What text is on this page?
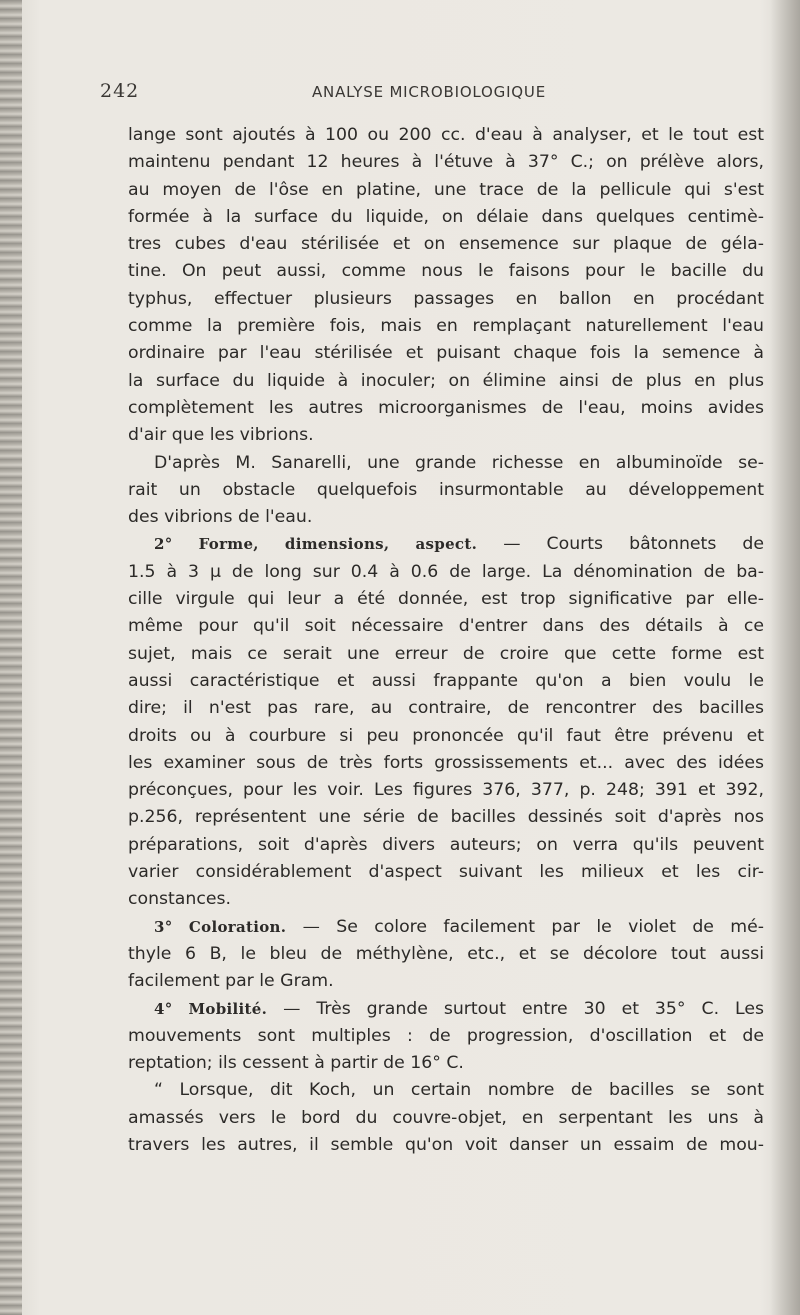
242	ANALYSE MICROBIOLOGIQUE
lange sont ajoutés à 100 ou 200 cc. d'eau à analyser, et le tout est
maintenu pendant 12 heures à l'étuve à 37° C.; on prélève alors,
au moyen de l'ôse en platine, une trace de la pellicule qui s'est
formée à la surface du liquide, on délaie dans quelques centimè-
tres cubes d'eau stérilisée et on ensemence sur plaque de géla-
tine. On peut aussi, comme nous le faisons pour le bacille du
typhus, effectuer plusieurs passages en ballon en procédant
comme la première fois, mais en remplaçant naturellement l'eau
ordinaire par l'eau stérilisée et puisant chaque fois la semence à
la surface du liquide à inoculer; on élimine ainsi de plus en plus
complètement les autres microorganismes de l'eau, moins avides
d'air que les vibrions.
D'après M. Sanarelli, une grande richesse en albuminoïde se-
rait un obstacle quelquefois insurmontable au développement
des vibrions de l'eau.
2° Forme, dimensions, aspect. — Courts bâtonnets de
1.5 à 3 μ de long sur 0.4 à 0.6 de large. La dénomination de ba-
cille virgule qui leur a été donnée, est trop significative par elle-
même pour qu'il soit nécessaire d'entrer dans des détails à ce
sujet, mais ce serait une erreur de croire que cette forme est
aussi caractéristique et aussi frappante qu'on a bien voulu le
dire; il n'est pas rare, au contraire, de rencontrer des bacilles
droits ou à courbure si peu prononcée qu'il faut être prévenu et
les examiner sous de très forts grossissements et... avec des idées
préconçues, pour les voir. Les figures 376, 377, p. 248; 391 et 392,
p.256, représentent une série de bacilles dessinés soit d'après nos
préparations, soit d'après divers auteurs; on verra qu'ils peuvent
varier considérablement d'aspect suivant les milieux et les cir-
constances.
3° Coloration. — Se colore facilement par le violet de mé-
thyle 6 B, le bleu de méthylène, etc., et se décolore tout aussi
facilement par le Gram.
4° Mobilité. — Très grande surtout entre 30 et 35° C. Les
mouvements sont multiples : de progression, d'oscillation et de
reptation; ils cessent à partir de 16° C.
“ Lorsque, dit Koch, un certain nombre de bacilles se sont
amassés vers le bord du couvre-objet, en serpentant les uns à
travers les autres, il semble qu'on voit danser un essaim de mou-
